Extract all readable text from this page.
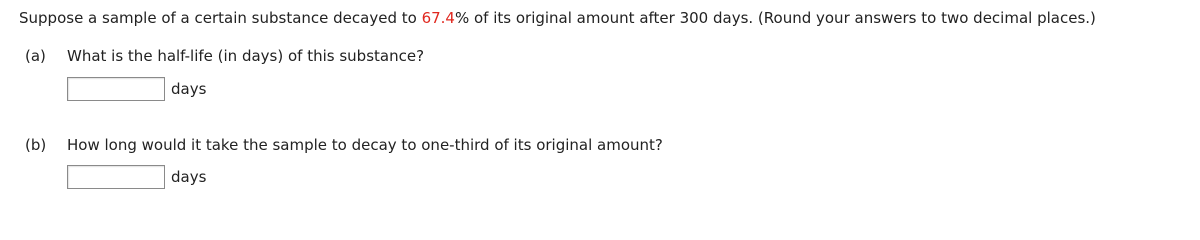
Suppose a sample of a certain substance decayed to 67.4% of its original amount after 300 days. (Round your answers to two decimal places.)
(a) What is the half-life (in days) of this substance?
days
(b) How long would it take the sample to decay to one-third of its original amount?
days
